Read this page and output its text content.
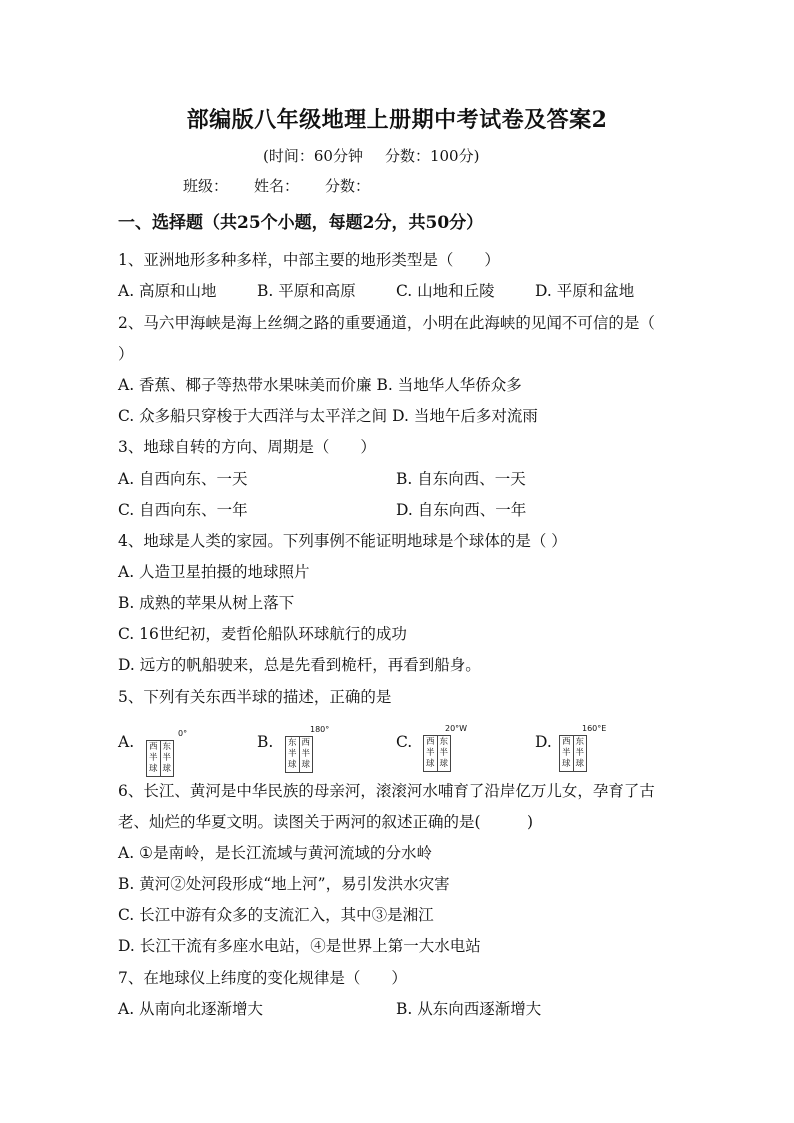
部编版八年级地理上册期中考试卷及答案2
(时间：60分钟 分数：100分)
班级： 姓名： 分数：
一、选择题（共25个小题，每题2分，共50分）
1、亚洲地形多种多样，中部主要的地形类型是（　　）
A. 高原和山地	B. 平原和高原	C. 山地和丘陵	D. 平原和盆地
2、马六甲海峡是海上丝绸之路的重要通道，小明在此海峡的见闻不可信的是（
）
A. 香蕉、椰子等热带水果味美而价廉 B. 当地华人华侨众多
C. 众多船只穿梭于大西洋与太平洋之间 D. 当地午后多对流雨
3、地球自转的方向、周期是（　　）
A. 自西向东、一天	B. 自东向西、一天
C. 自西向东、一年	D. 自东向西、一年
4、地球是人类的家园。下列事例不能证明地球是个球体的是（ ）
A. 人造卫星拍摄的地球照片
B. 成熟的苹果从树上落下
C. 16世纪初，麦哲伦船队环球航行的成功
D. 远方的帆船驶来，总是先看到桅杆，再看到船身。
5、下列有关东西半球的描述，正确的是
A.	0°
西半球
东半球
B.
180°
东半球
西半球
C.
20°W
西半球
东半球
D.
160°E
西半球
东半球
6、长江、黄河是中华民族的母亲河，滚滚河水哺育了沿岸亿万儿女，孕育了古
老、灿烂的华夏文明。读图关于两河的叙述正确的是(　　　)
A. ①是南岭，是长江流域与黄河流域的分水岭
B. 黄河②处河段形成“地上河”，易引发洪水灾害
C. 长江中游有众多的支流汇入，其中③是湘江
D. 长江干流有多座水电站，④是世界上第一大水电站
7、在地球仪上纬度的变化规律是（　　）
A. 从南向北逐渐增大	B. 从东向西逐渐增大
